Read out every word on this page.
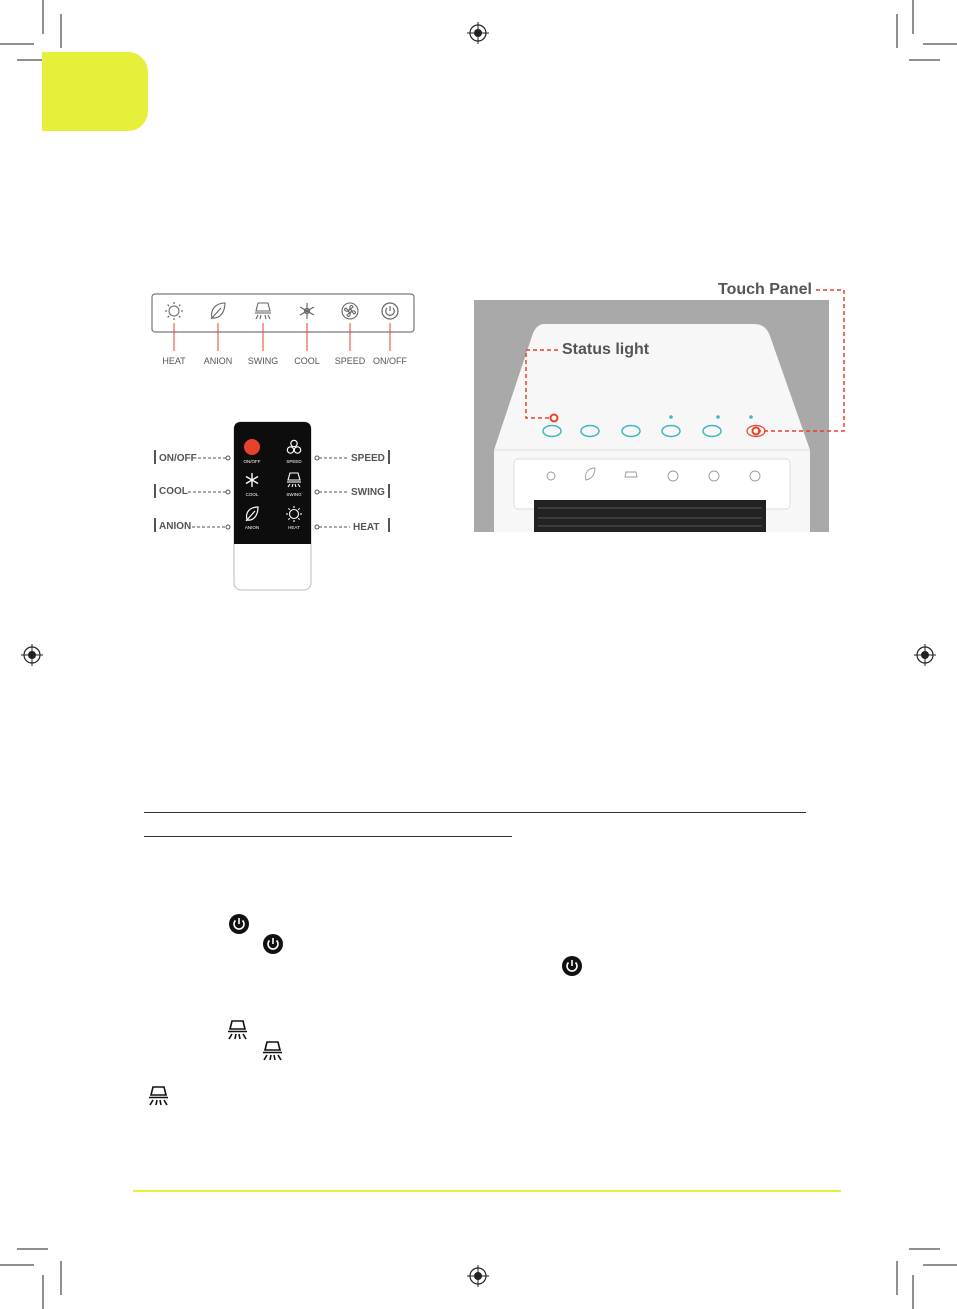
HEAT ANION SWING COOL SPEED ON/OFF
ON/OFF	SPEED
COOL	SWING
ANION	HEAT
ON/OFF
COOL
ANION
SPEED
SWING
HEAT
Touch Panel
Status light
